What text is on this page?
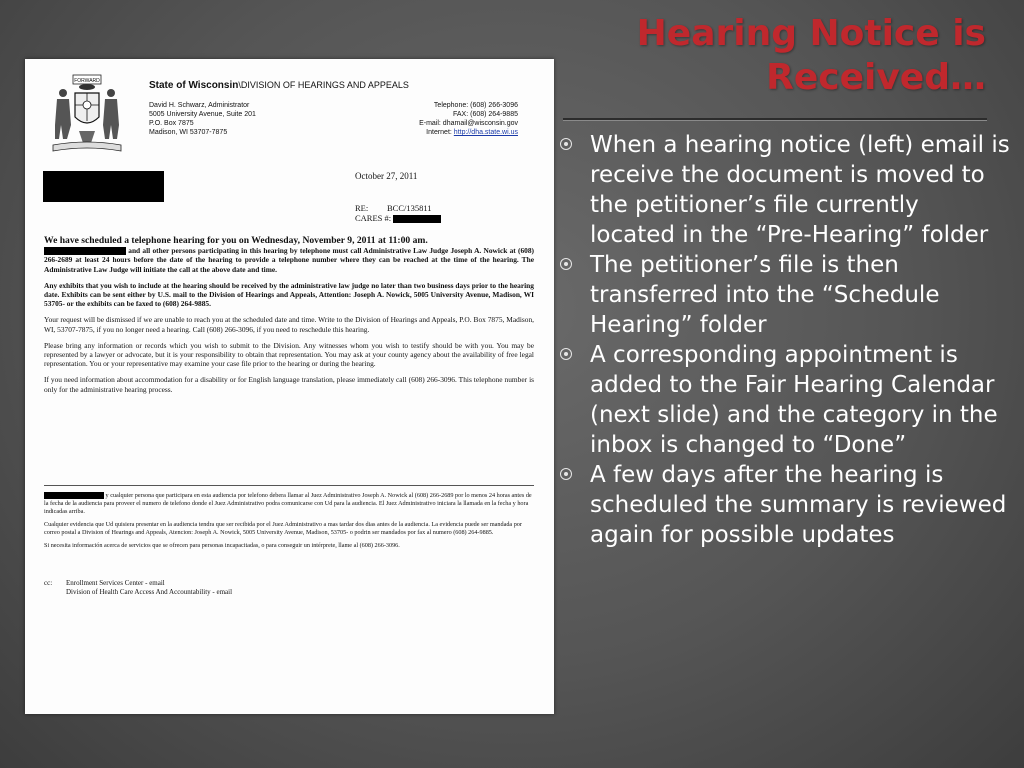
Hearing Notice is
Received…
When a hearing notice (left) email is receive the document is moved to the petitioner’s file currently located in the “Pre-Hearing” folder
The petitioner’s file is then transferred into the “Schedule Hearing” folder
A corresponding appointment is added to the Fair Hearing Calendar (next slide) and the category in the inbox is changed to “Done”
A few days after the hearing is scheduled the summary is reviewed again for possible updates
FORWARD	State of Wisconsin\DIVISION OF HEARINGS AND APPEALS
David H. Schwarz, Administrator
5005 University Avenue, Suite 201
P.O. Box 7875
Madison, WI 53707-7875
Telephone: (608) 266-3096
FAX: (608) 264-9885
E-mail: dhamail@wisconsin.gov
Internet: http://dha.state.wi.us
October 27, 2011
RE: BCC/135811
CARES #:

We have scheduled a telephone hearing for you on Wednesday, November 9, 2011 at 11:00 am.

and all other persons participating in this hearing by telephone must call Administrative Law Judge Joseph A. Nowick at (608) 266-2689 at least 24 hours before the date of the hearing to provide a telephone number where they can be reached at the time of the hearing. The Administrative Law Judge will initiate the call at the above date and time.

Any exhibits that you wish to include at the hearing should be received by the administrative law judge no later than two business days prior to the hearing date. Exhibits can be sent either by U.S. mail to the Division of Hearings and Appeals, Attention: Joseph A. Nowick, 5005 University Avenue, Madison, WI 53705- or the exhibits can be faxed to (608) 264-9885.

Your request will be dismissed if we are unable to reach you at the scheduled date and time. Write to the Division of Hearings and Appeals, P.O. Box 7875, Madison, WI, 53707-7875, if you no longer need a hearing. Call (608) 266-3096, if you need to reschedule this hearing.

Please bring any information or records which you wish to submit to the Division. Any witnesses whom you wish to testify should be with you. You may be represented by a lawyer or advocate, but it is your responsibility to obtain that representation. You may ask at your county agency about the availability of free legal representation. You or your representative may examine your case file prior to the hearing or during the hearing.

If you need information about accommodation for a disability or for English language translation, please immediately call (608) 266-3096. This telephone number is only for the administrative hearing process.

y cualquier persona que participara en esta audiencia por telefono debera llamar al Juez Administrativo Joseph A. Nowick al (608) 266-2689 por lo menos 24 horas antes de la fecha de la audiencia para proveer el numero de telefono donde el Juez Administrativo podra comunicarse con Ud para la audiencia. El Juez Administrativo iniciara la llamada en la fecha y hora indicadas arriba.

Cualquier evidencia que Ud quisiera presentar en la audiencia tendra que ser recibida por el Juez Administrativo a mas tardar dos dias antes de la audiencia. La evidencia puede ser mandada por correo postal a Division of Hearings and Appeals, Atencion: Joseph A. Nowick, 5005 University Avenue, Madison, 53705- o podrin ser mandados por fax al numero (608) 264-9885.

Si necesita información acerca de servicios que se ofrecen para personas incapacitadas, o para conseguir un intérprete, llame al (608) 266-3096.

cc: Enrollment Services Center - email
Division of Health Care Access And Accountability - email
